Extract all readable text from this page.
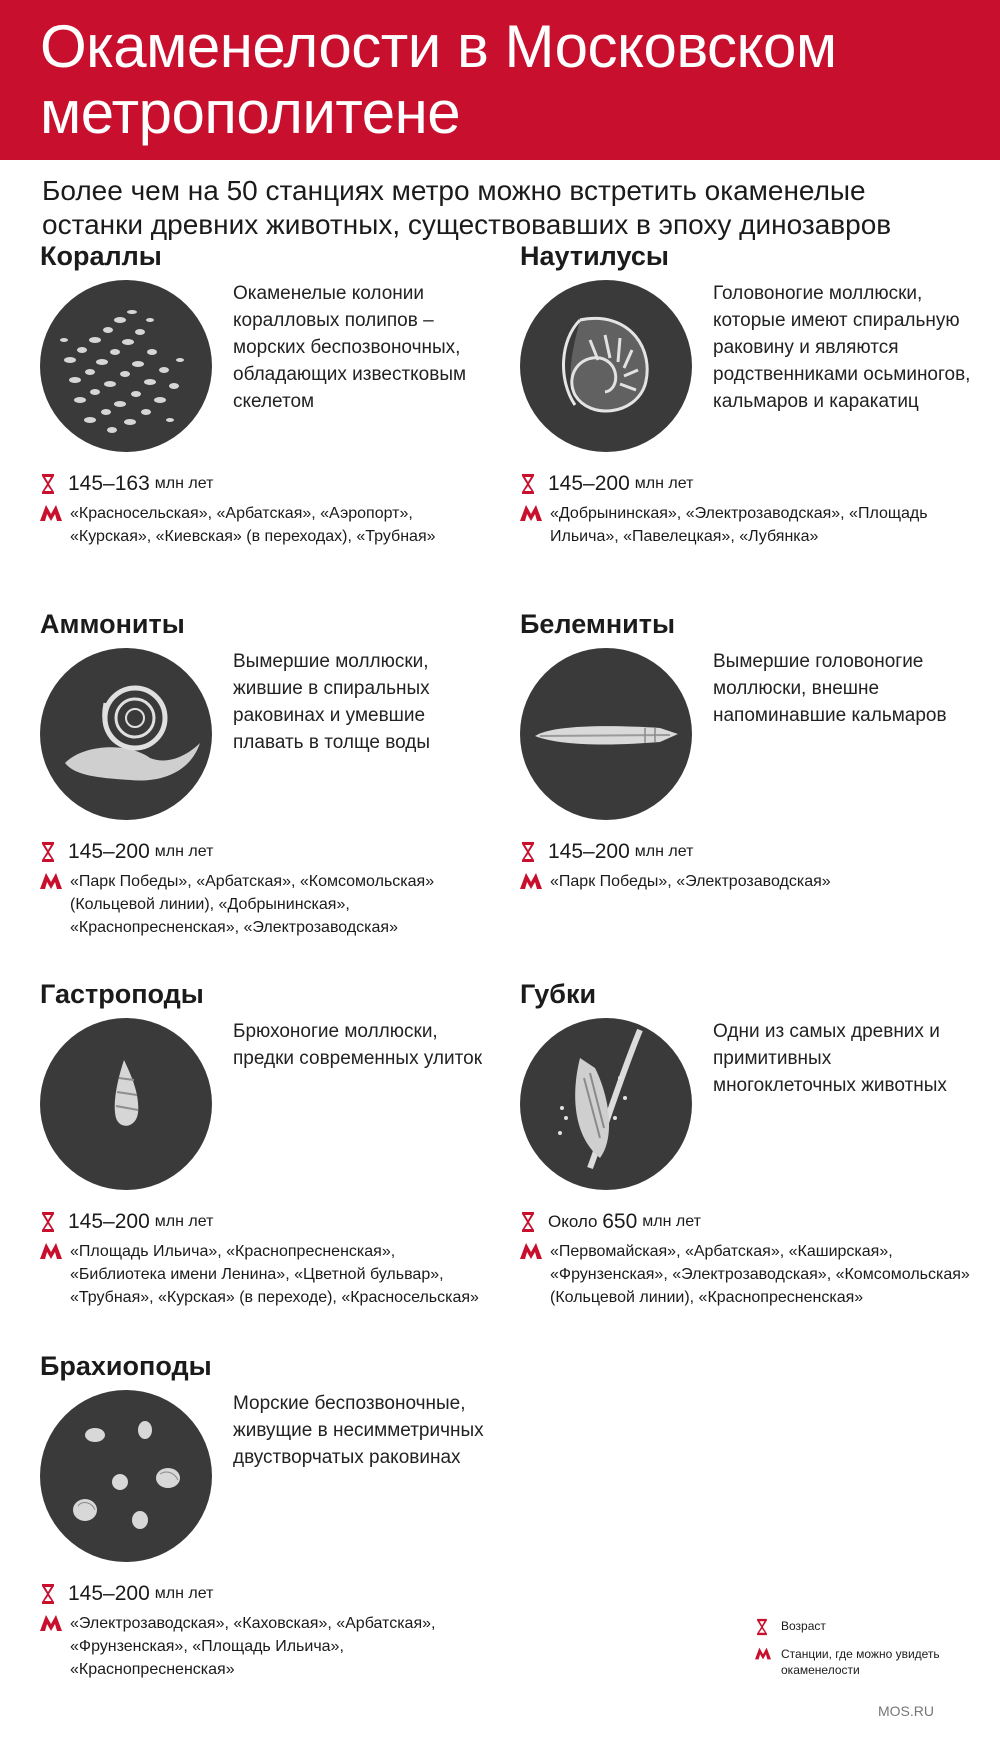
Окаменелости в Московском метрополитене
Более чем на 50 станциях метро можно встретить окаменелые останки древних животных, существовавших в эпоху динозавров
Кораллы
Окаменелые колонии коралловых полипов – морских беспозвоночных, обладающих известковым скелетом
145–163 млн лет
«Красносельская», «Арбатская», «Аэропорт», «Курская», «Киевская» (в переходах), «Трубная»
Наутилусы
Головоногие моллюски, которые имеют спиральную раковину и являются родственниками осьминогов, кальмаров и каракатиц
145–200 млн лет
«Добрынинская», «Электрозаводская», «Площадь Ильича», «Павелецкая», «Лубянка»
Аммониты
Вымершие моллюски, жившие в спиральных раковинах и умевшие плавать в толще воды
145–200 млн лет
«Парк Победы», «Арбатская», «Комсомольская» (Кольцевой линии), «Добрынинская», «Краснопресненская», «Электрозаводская»
Белемниты
Вымершие головоногие моллюски, внешне напоминавшие кальмаров
145–200 млн лет
«Парк Победы», «Электрозаводская»
Гастроподы
Брюхоногие моллюски, предки современных улиток
145–200 млн лет
«Площадь Ильича», «Краснопресненская», «Библиотека имени Ленина», «Цветной бульвар», «Трубная», «Курская» (в переходе), «Красносельская»
Губки
Одни из самых древних и примитивных многоклеточных животных
Около 650 млн лет
«Первомайская», «Арбатская», «Каширская», «Фрунзенская», «Электрозаводская», «Комсомольская» (Кольцевой линии), «Краснопресненская»
Брахиоподы
Морские беспозвоночные, живущие в несимметричных двустворчатых раковинах
145–200 млн лет
«Электрозаводская», «Каховская», «Арбатская», «Фрунзенская», «Площадь Ильича», «Краснопресненская»
Возраст
Станции, где можно увидеть окаменелости
MOS.RU
